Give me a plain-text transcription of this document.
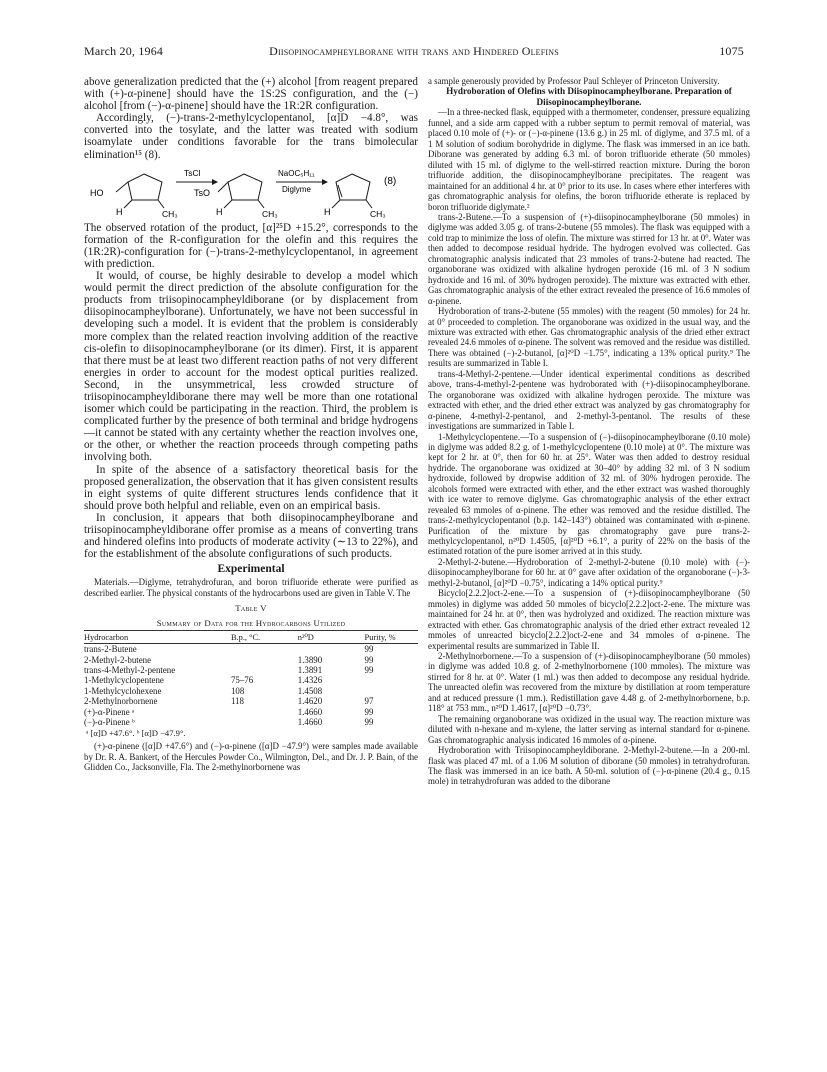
March 20, 1964	Diisopinocampheylborane with trans and Hindered Olefins	1075

above generalization predicted that the (+) alcohol [from reagent prepared with (+)-α-pinene] should have the 1S:2S configuration, and the (−) alcohol [from (−)-α-pinene] should have the 1R:2R configuration.

Accordingly, (−)-trans-2-methylcyclopentanol, [α]D −4.8°, was converted into the tosylate, and the latter was treated with sodium isoamylate under conditions favorable for the trans bimolecular elimination¹⁵ (8).

HO
H	CH₃
TsCl
TsO
H	CH₃
NaOC₅H₁₁
Diglyme
H	CH₃
(8)

The observed rotation of the product, [α]²⁵D +15.2°, corresponds to the formation of the R-configuration for the olefin and this requires the (1R:2R)-configuration for (−)-trans-2-methylcyclopentanol, in agreement with prediction.

It would, of course, be highly desirable to develop a model which would permit the direct prediction of the absolute configuration for the products from triisopinocampheyldiborane (or by displacement from diisopinocampheylborane). Unfortunately, we have not been successful in developing such a model. It is evident that the problem is considerably more complex than the related reaction involving addition of the reactive cis-olefin to diisopinocampheylborane (or its dimer). First, it is apparent that there must be at least two different reaction paths of not very different energies in order to account for the modest optical purities realized. Second, in the unsymmetrical, less crowded structure of triisopinocampheyldiborane there may well be more than one rotational isomer which could be participating in the reaction. Third, the problem is complicated further by the presence of both terminal and bridge hydrogens—it cannot be stated with any certainty whether the reaction involves one, or the other, or whether the reaction proceeds through competing paths involving both.

In spite of the absence of a satisfactory theoretical basis for the proposed generalization, the observation that it has given consistent results in eight systems of quite different structures lends confidence that it should prove both helpful and reliable, even on an empirical basis.

In conclusion, it appears that both diisopinocampheylborane and triisopinocampheyldiborane offer promise as a means of converting trans and hindered olefins into products of moderate activity (∼13 to 22%), and for the establishment of the absolute configurations of such products.

Experimental

Materials.—Diglyme, tetrahydrofuran, and boron trifluoride etherate were purified as described earlier. The physical constants of the hydrocarbons used are given in Table V. The

Table V
Summary of Data for the Hydrocarbons Utilized
Hydrocarbon	B.p., °C.	n²⁰D	Purity, %
trans-2-Butene			99
2-Methyl-2-butene		1.3890	99
trans-4-Methyl-2-pentene		1.3891	99
1-Methylcyclopentene	75–76	1.4326	
1-Methylcyclohexene	108	1.4508	
2-Methylnorbornene	118	1.4620	97
(+)-α-Pinene ᵃ		1.4660	99
(−)-α-Pinene ᵇ		1.4660	99
ᵃ [α]D +47.6°. ᵇ [α]D −47.9°.

(+)-α-pinene ([α]D +47.6°) and (−)-α-pinene ([α]D −47.9°) were samples made available by Dr. R. A. Bankert, of the Hercules Powder Co., Wilmington, Del., and Dr. J. P. Bain, of the Glidden Co., Jacksonville, Fla. The 2-methylnorbornene was

a sample generously provided by Professor Paul Schleyer of Princeton University.

Hydroboration of Olefins with Diisopinocampheylborane. Preparation of Diisopinocampheylborane.

—In a three-necked flask, equipped with a thermometer, condenser, pressure equalizing funnel, and a side arm capped with a rubber septum to permit removal of material, was placed 0.10 mole of (+)- or (−)-α-pinene (13.6 g.) in 25 ml. of diglyme, and 37.5 ml. of a 1 M solution of sodium borohydride in diglyme. The flask was immersed in an ice bath. Diborane was generated by adding 6.3 ml. of boron trifluoride etherate (50 mmoles) diluted with 15 ml. of diglyme to the well-stirred reaction mixture. During the boron trifluoride addition, the diisopinocampheylborane precipitates. The reagent was maintained for an additional 4 hr. at 0° prior to its use. In cases where ether interferes with gas chromatographic analysis for olefins, the boron trifluoride etherate is replaced by boron trifluoride diglymate.²

trans-2-Butene.—To a suspension of (+)-diisopinocampheylborane (50 mmoles) in diglyme was added 3.05 g. of trans-2-butene (55 mmoles). The flask was equipped with a cold trap to minimize the loss of olefin. The mixture was stirred for 13 hr. at 0°. Water was then added to decompose residual hydride. The hydrogen evolved was collected. Gas chromatographic analysis indicated that 23 mmoles of trans-2-butene had reacted. The organoborane was oxidized with alkaline hydrogen peroxide (16 ml. of 3 N sodium hydroxide and 16 ml. of 30% hydrogen peroxide). The mixture was extracted with ether. Gas chromatographic analysis of the ether extract revealed the presence of 16.6 mmoles of α-pinene.

Hydroboration of trans-2-butene (55 mmoles) with the reagent (50 mmoles) for 24 hr. at 0° proceeded to completion. The organoborane was oxidized in the usual way, and the mixture was extracted with ether. Gas chromatographic analysis of the dried ether extract revealed 24.6 mmoles of α-pinene. The solvent was removed and the residue was distilled. There was obtained (−)-2-butanol, [α]²⁰D −1.75°, indicating a 13% optical purity.⁹ The results are summarized in Table I.

trans-4-Methyl-2-pentene.—Under identical experimental conditions as described above, trans-4-methyl-2-pentene was hydroborated with (+)-diisopinocampheylborane. The organoborane was oxidized with alkaline hydrogen peroxide. The mixture was extracted with ether, and the dried ether extract was analyzed by gas chromatography for α-pinene, 4-methyl-2-pentanol, and 2-methyl-3-pentanol. The results of these investigations are summarized in Table I.

1-Methylcyclopentene.—To a suspension of (−)-diisopinocampheylborane (0.10 mole) in diglyme was added 8.2 g. of 1-methylcyclopentene (0.10 mole) at 0°. The mixture was kept for 2 hr. at 0°, then for 60 hr. at 25°. Water was then added to destroy residual hydride. The organoborane was oxidized at 30–40° by adding 32 ml. of 3 N sodium hydroxide, followed by dropwise addition of 32 ml. of 30% hydrogen peroxide. The alcohols formed were extracted with ether, and the ether extract was washed thoroughly with ice water to remove diglyme. Gas chromatographic analysis of the ether extract revealed 63 mmoles of α-pinene. The ether was removed and the residue distilled. The trans-2-methylcyclopentanol (b.p. 142–143°) obtained was contaminated with α-pinene. Purification of the mixture by gas chromatography gave pure trans-2-methylcyclopentanol, n²⁰D 1.4505, [α]²⁰D +6.1°, a purity of 22% on the basis of the estimated rotation of the pure isomer arrived at in this study.

2-Methyl-2-butene.—Hydroboration of 2-methyl-2-butene (0.10 mole) with (−)-diisopinocampheylborane for 60 hr. at 0° gave after oxidation of the organoborane (−)-3-methyl-2-butanol, [α]²⁰D −0.75°, indicating a 14% optical purity.⁹

Bicyclo[2.2.2]oct-2-ene.—To a suspension of (+)-diisopinocampheylborane (50 mmoles) in diglyme was added 50 mmoles of bicyclo[2.2.2]oct-2-ene. The mixture was maintained for 24 hr. at 0°, then was hydrolyzed and oxidized. The reaction mixture was extracted with ether. Gas chromatographic analysis of the dried ether extract revealed 12 mmoles of unreacted bicyclo[2.2.2]oct-2-ene and 34 mmoles of α-pinene. The experimental results are summarized in Table II.

2-Methylnorbornene.—To a suspension of (+)-diisopinocampheylborane (50 mmoles) in diglyme was added 10.8 g. of 2-methylnorbornene (100 mmoles). The mixture was stirred for 8 hr. at 0°. Water (1 ml.) was then added to decompose any residual hydride. The unreacted olefin was recovered from the mixture by distillation at room temperature and at reduced pressure (1 mm.). Redistillation gave 4.48 g. of 2-methylnorbornene, b.p. 118° at 753 mm., n²⁰D 1.4617, [α]²⁰D −0.73°.

The remaining organoborane was oxidized in the usual way. The reaction mixture was diluted with n-hexane and m-xylene, the latter serving as internal standard for α-pinene. Gas chromatographic analysis indicated 16 mmoles of α-pinene.

Hydroboration with Triisopinocampheyldiborane. 2-Methyl-2-butene.—In a 200-ml. flask was placed 47 ml. of a 1.06 M solution of diborane (50 mmoles) in tetrahydrofuran. The flask was immersed in an ice bath. A 50-ml. solution of (−)-α-pinene (20.4 g., 0.15 mole) in tetrahydrofuran was added to the diborane
